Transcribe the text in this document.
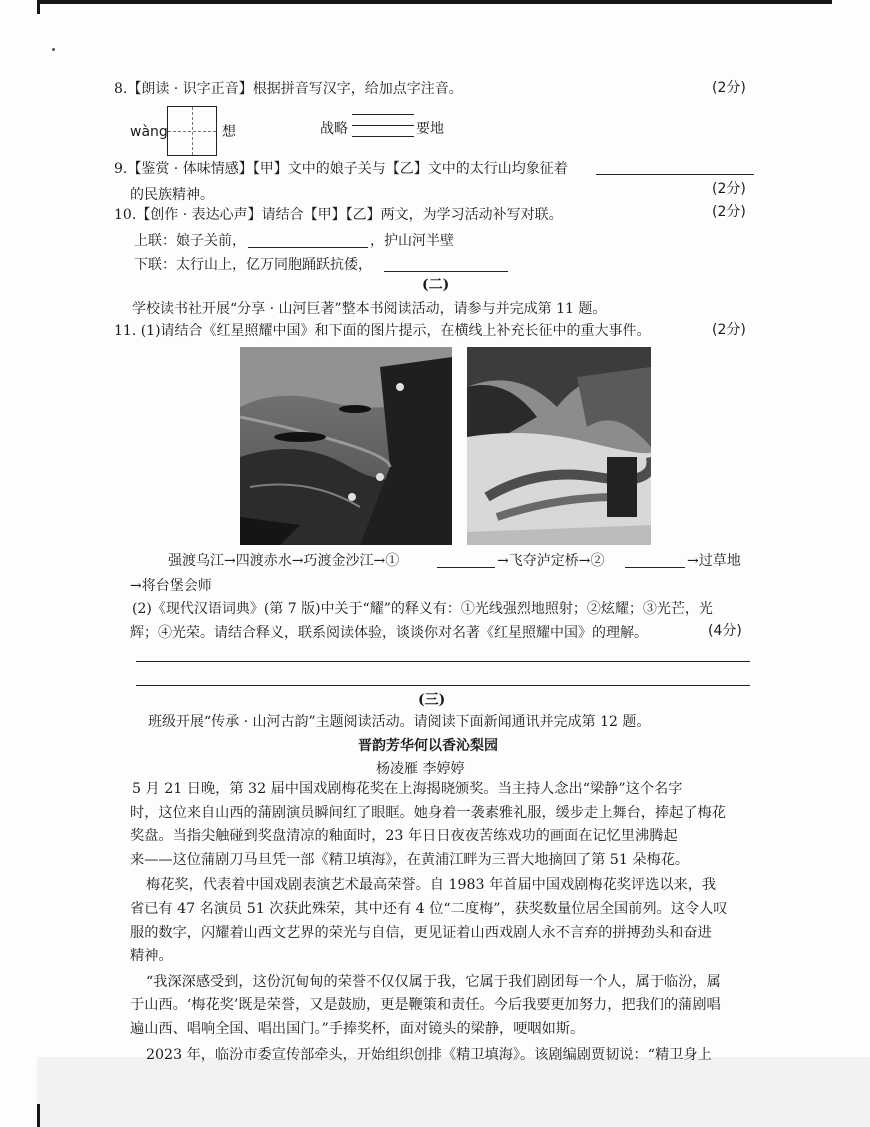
8.【朗读 · 识字正音】根据拼音写汉字，给加点字注音。	(2分)
wàng	想	战略	要地
9.【鉴赏 · 体味情感】【甲】文中的娘子关与【乙】文中的太行山均象征着
的民族精神。	(2分)
10.【创作 · 表达心声】请结合【甲】【乙】两文，为学习活动补写对联。	(2分)
上联：娘子关前，	，护山河半壁
下联：太行山上，亿万同胞踊跃抗倭，
(二)
学校读书社开展“分享 · 山河巨著”整本书阅读活动，请参与并完成第 11 题。
11. (1)请结合《红星照耀中国》和下面的图片提示，在横线上补充长征中的重大事件。	(2分)
强渡乌江→四渡赤水→巧渡金沙江→①	→飞夺泸定桥→②	→过草地
→将台堡会师
(2)《现代汉语词典》(第 7 版)中关于“耀”的释义有：①光线强烈地照射；②炫耀；③光芒，光
辉；④光荣。请结合释义，联系阅读体验，谈谈你对名著《红星照耀中国》的理解。	(4分)
(三)
班级开展“传承 · 山河古韵”主题阅读活动。请阅读下面新闻通讯并完成第 12 题。
晋韵芳华何以香沁梨园
杨凌雁 李婷婷
5 月 21 日晚，第 32 届中国戏剧梅花奖在上海揭晓颁奖。当主持人念出“梁静”这个名字
时，这位来自山西的蒲剧演员瞬间红了眼眶。她身着一袭素雅礼服，缓步走上舞台，捧起了梅花
奖盘。当指尖触碰到奖盘清凉的釉面时，23 年日日夜夜苦练戏功的画面在记忆里沸腾起
来——这位蒲剧刀马旦凭一部《精卫填海》，在黄浦江畔为三晋大地摘回了第 51 朵梅花。
梅花奖，代表着中国戏剧表演艺术最高荣誉。自 1983 年首届中国戏剧梅花奖评选以来，我
省已有 47 名演员 51 次获此殊荣，其中还有 4 位“二度梅”，获奖数量位居全国前列。这令人叹
服的数字，闪耀着山西文艺界的荣光与自信，更见证着山西戏剧人永不言弃的拼搏劲头和奋进
精神。
“我深深感受到，这份沉甸甸的荣誉不仅仅属于我，它属于我们剧团每一个人，属于临汾，属
于山西。‘梅花奖’既是荣誉，又是鼓励，更是鞭策和责任。今后我要更加努力，把我们的蒲剧唱
遍山西、唱响全国、唱出国门。”手捧奖杯，面对镜头的梁静，哽咽如斯。
2023 年，临汾市委宣传部牵头，开始组织创排《精卫填海》。该剧编剧贾韧说：“精卫身上
